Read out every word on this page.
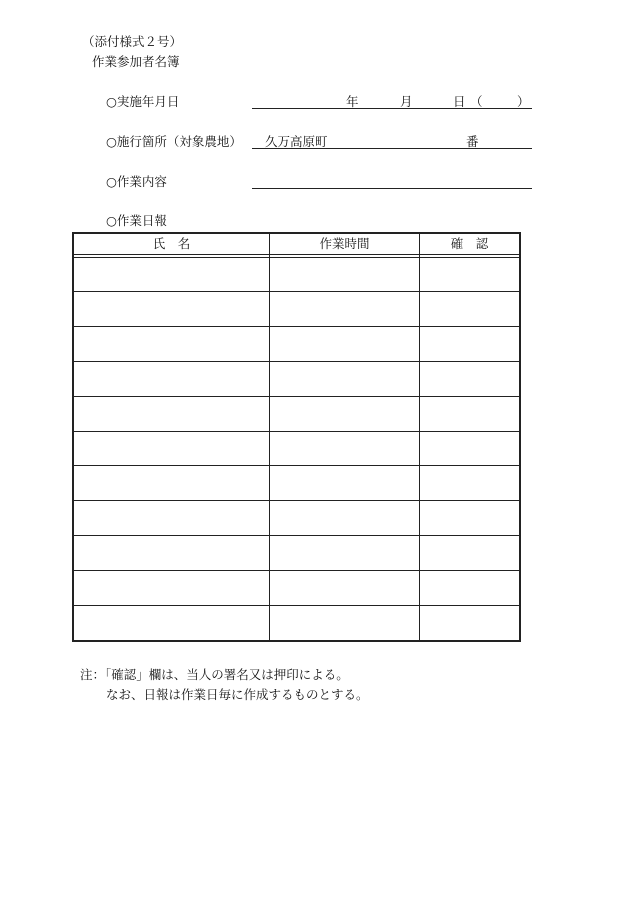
（添付様式２号）
作業参加者名簿
○実施年月日	年	月	日 （	）
○施行箇所（対象農地） 久万高原町	番
○作業内容
○作業日報
氏　名	作業時間	確　認
注：「確認」欄は、当人の署名又は押印による。
なお、日報は作業日毎に作成するものとする。
